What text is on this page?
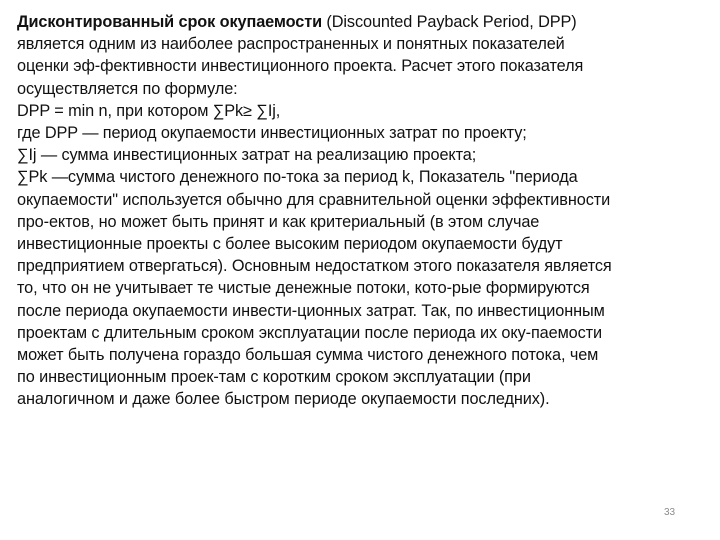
Дисконтированный срок окупаемости (Discounted Payback Period, DPP)
является одним из наиболее распространенных и понятных показателей
оценки эф-фективности инвестиционного проекта. Расчет этого показателя
осуществляется по формуле:
DPP = min n, при котором ∑Pk≥ ∑Ij,
где DPP — период окупаемости инвестиционных затрат по проекту;
∑Ij — сумма инвестиционных затрат на реализацию проекта;
∑Pk —сумма чистого денежного по-тока за период k, Показатель "периода
окупаемости" используется обычно для сравнительной оценки эффективности
про-ектов, но может быть принят и как критериальный (в этом случае
инвестиционные проекты с более высоким периодом окупаемости будут
предприятием отвергаться). Основным недостатком этого показателя является
то, что он не учитывает те чистые денежные потоки, кото-рые формируются
после периода окупаемости инвести-ционных затрат. Так, по инвестиционным
проектам с длительным сроком эксплуатации после периода их оку-паемости
может быть получена гораздо большая сумма чистого денежного потока, чем
по инвестиционным проек-там с коротким сроком эксплуатации (при
аналогичном и даже более быстром периоде окупаемости последних).
33
